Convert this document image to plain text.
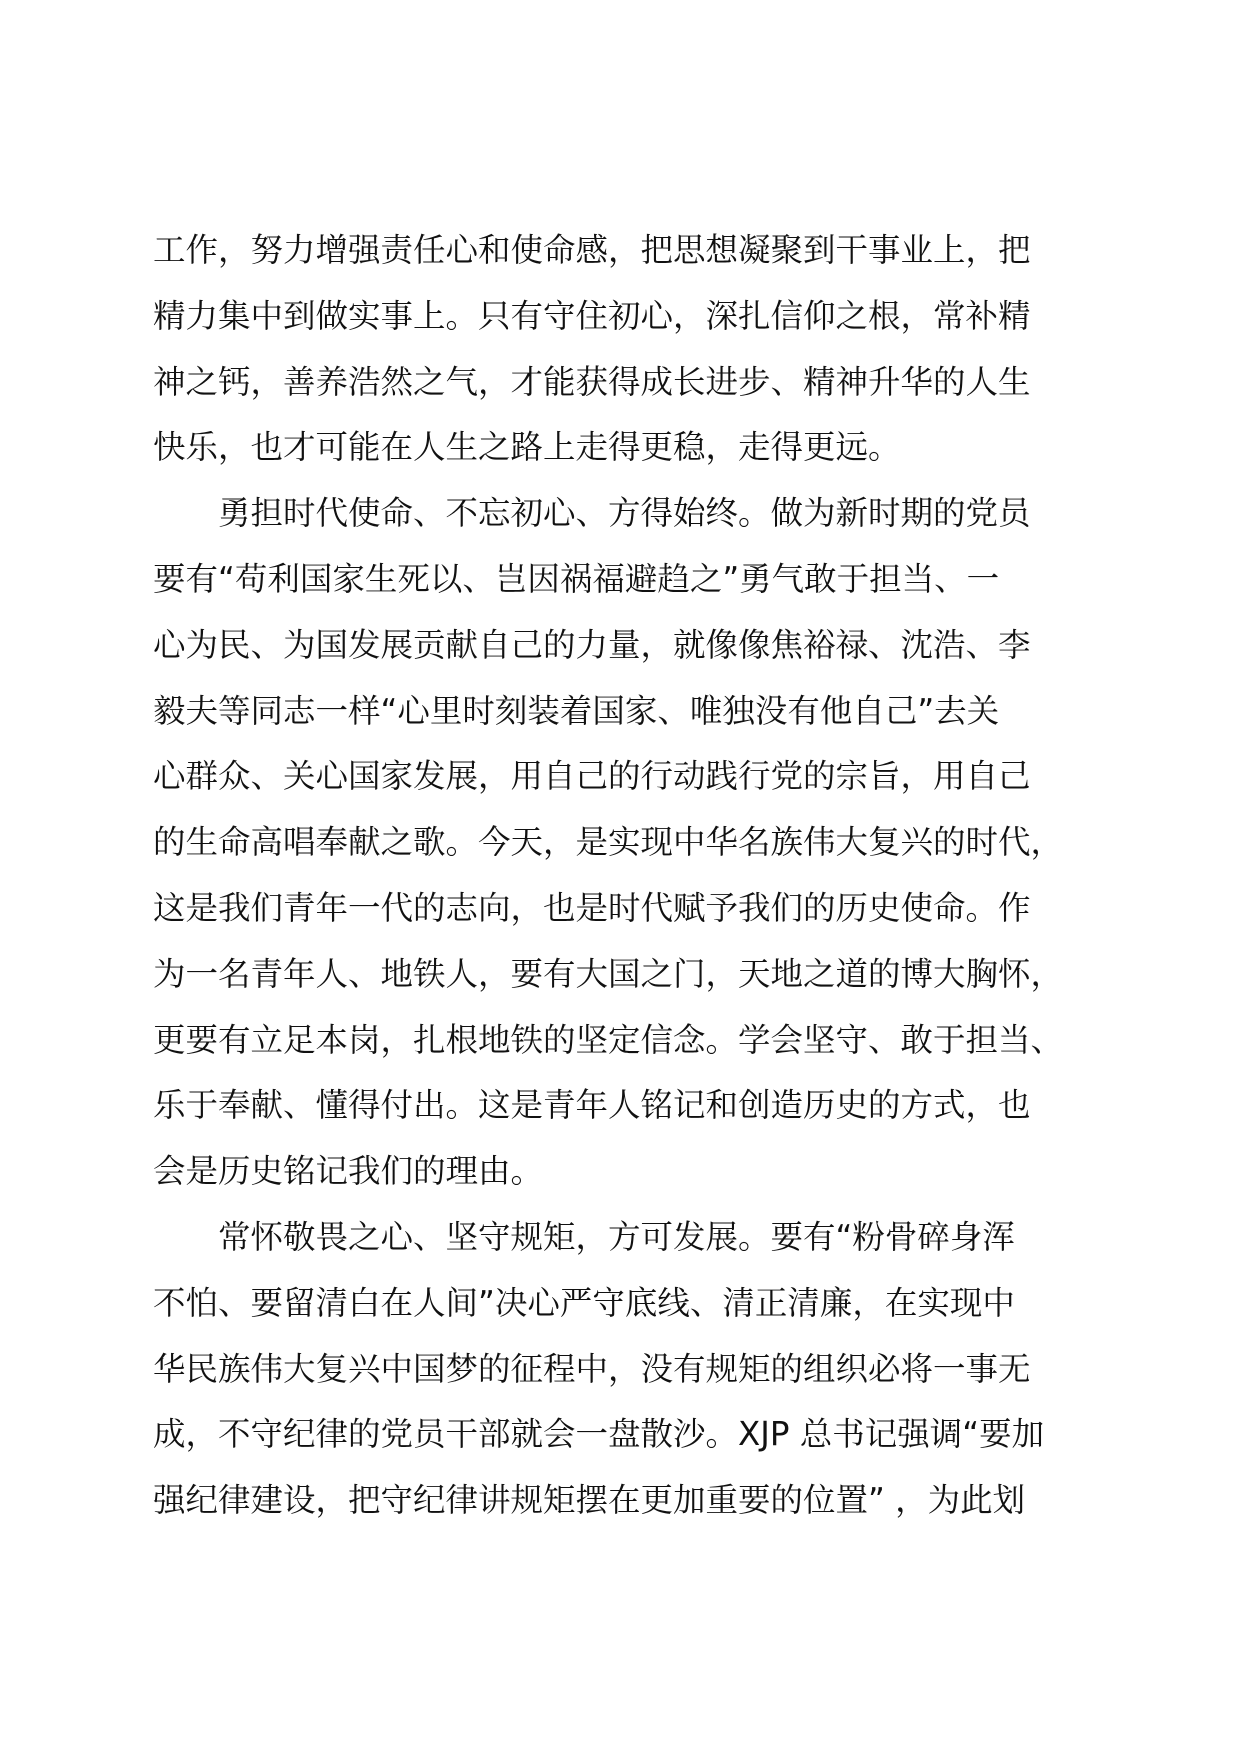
工作，努力增强责任心和使命感，把思想凝聚到干事业上，把
精力集中到做实事上。只有守住初心，深扎信仰之根，常补精
神之钙，善养浩然之气，才能获得成长进步、精神升华的人生
快乐，也才可能在人生之路上走得更稳，走得更远。
勇担时代使命、不忘初心、方得始终。做为新时期的党员
要有“苟利国家生死以、岂因祸福避趋之”勇气敢于担当、一
心为民、为国发展贡献自己的力量，就像像焦裕禄、沈浩、李
毅夫等同志一样“心里时刻装着国家、唯独没有他自己”去关
心群众、关心国家发展，用自己的行动践行党的宗旨，用自己
的生命高唱奉献之歌。今天，是实现中华名族伟大复兴的时代，
这是我们青年一代的志向，也是时代赋予我们的历史使命。作
为一名青年人、地铁人，要有大国之门，天地之道的博大胸怀，
更要有立足本岗，扎根地铁的坚定信念。学会坚守、敢于担当、
乐于奉献、懂得付出。这是青年人铭记和创造历史的方式，也
会是历史铭记我们的理由。
常怀敬畏之心、坚守规矩，方可发展。要有“粉骨碎身浑
不怕、要留清白在人间”决心严守底线、清正清廉，在实现中
华民族伟大复兴中国梦的征程中，没有规矩的组织必将一事无
成，不守纪律的党员干部就会一盘散沙。XJP 总书记强调“要加
强纪律建设，把守纪律讲规矩摆在更加重要的位置” ，为此划
